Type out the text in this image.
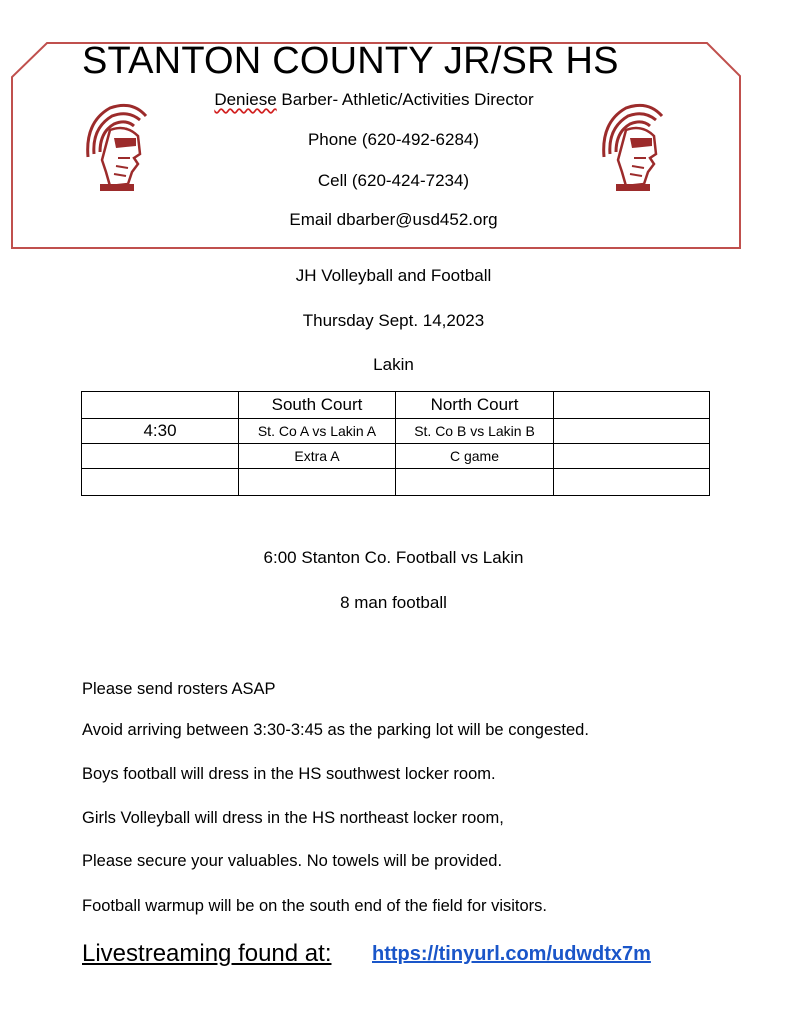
STANTON COUNTY JR/SR HS
Deniese Barber- Athletic/Activities Director
Phone (620-492-6284)
Cell (620-424-7234)
Email dbarber@usd452.org
JH Volleyball and Football
Thursday Sept. 14,2023
Lakin
	South Court	North Court	
4:30	St. Co A vs Lakin A	St. Co B vs Lakin B	
	Extra A	C game	

6:00 Stanton Co. Football vs Lakin
8 man football
Please send rosters ASAP
Avoid arriving between 3:30-3:45 as the parking lot will be congested.
Boys football will dress in the HS southwest locker room.
Girls Volleyball will dress in the HS northeast locker room,
Please secure your valuables. No towels will be provided.
Football warmup will be on the south end of the field for visitors.
Livestreaming found at: https://tinyurl.com/udwdtx7m
